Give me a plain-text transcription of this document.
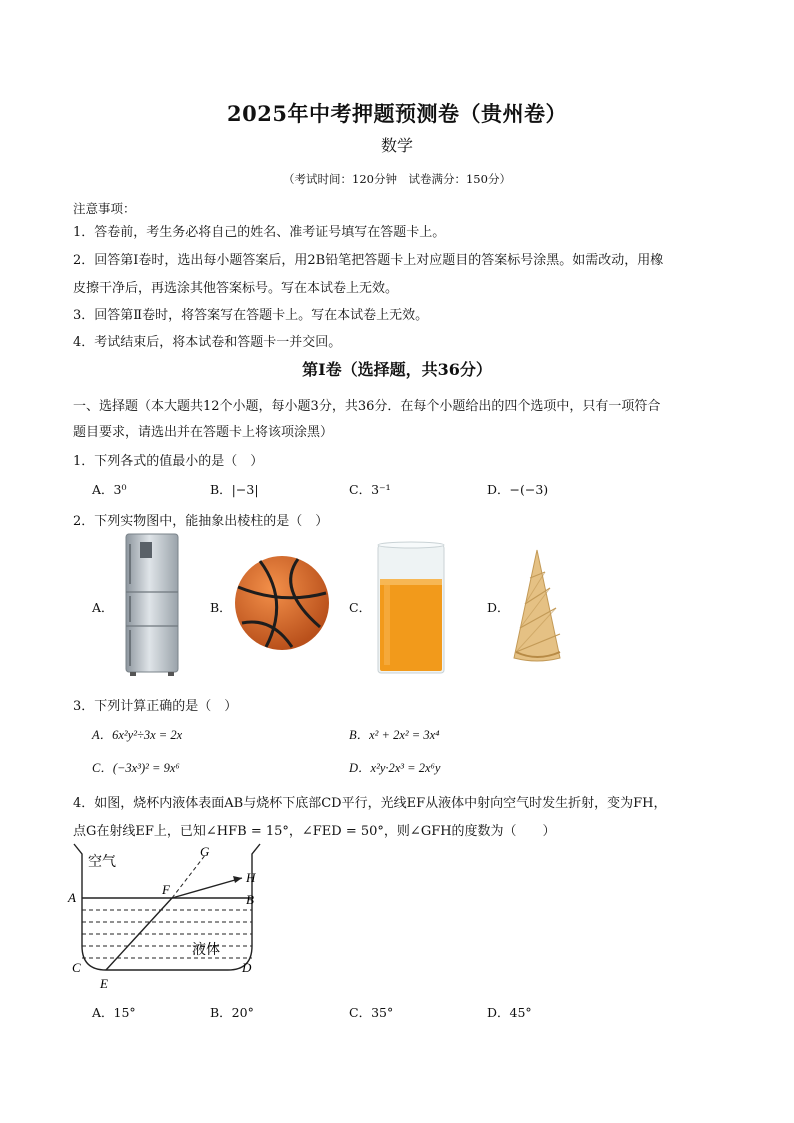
2025年中考押题预测卷（贵州卷）
数学
（考试时间：120分钟　试卷满分：150分）
注意事项：
1．答卷前，考生务必将自己的姓名、准考证号填写在答题卡上。
2．回答第Ⅰ卷时，选出每小题答案后，用2B铅笔把答题卡上对应题目的答案标号涂黑。如需改动，用橡
皮擦干净后，再选涂其他答案标号。写在本试卷上无效。
3．回答第Ⅱ卷时，将答案写在答题卡上。写在本试卷上无效。
4．考试结束后，将本试卷和答题卡一并交回。
第Ⅰ卷（选择题，共36分）
一、选择题（本大题共12个小题，每小题3分，共36分．在每个小题给出的四个选项中，只有一项符合
题目要求，请选出并在答题卡上将该项涂黑）
1．下列各式的值最小的是（　）
A．3⁰	B．|−3|	C．3⁻¹	D．−(−3)
2．下列实物图中，能抽象出棱柱的是（　）
A．	B．	C．	D．
3．下列计算正确的是（　）
A．6x²y²÷3x = 2x	B．x² + 2x² = 3x⁴
C．(−3x³)² = 9x⁶	D．x²y·2x³ = 2x⁶y
4．如图，烧杯内液体表面AB与烧杯下底部CD平行，光线EF从液体中射向空气时发生折射，变为FH，
点G在射线EF上，已知∠HFB = 15°，∠FED = 50°，则∠GFH的度数为（　　）
空气
液体
A	B
C	D
E
F
G
H
A．15°	B．20°	C．35°	D．45°
